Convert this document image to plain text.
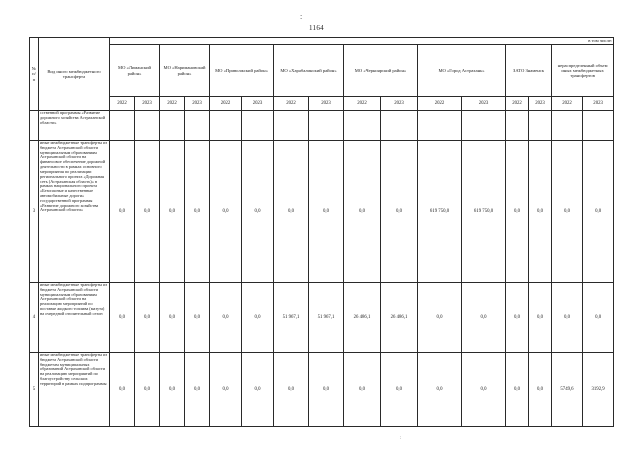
:
1164
№ п/п	Вид иного межбюджетного трансферта	в том числе:															
		МО «Лиманский район»		МО «Наримановский район»		МО «Приволжский район»		МО «Харабалинский район»		МО «Черноярский район»		МО «Город Астрахань»		ЗАТО Знаменск		нераспределенный объем иных межбюджетных трансфертов	
		2022	2023	2022	2023	2022	2023	2022	2023	2022	2023	2022	2023	2022	2023	2022	2023
	сственной программы «Развитие дорожного хозяйства Астраханской области»																
3	иные межбюджетные трансферты из бюджета Астраханской области муниципальным образованиям Астраханской области на финансовое обеспечение дорожной деятельности в рамках основного мероприятия по реализации регионального проекта «Дорожная сеть (Астраханская область)» в рамках национального проекта «Безопасные и качественные автомобильные дороги» государственной программы «Развитие дорожного хозяйства Астраханской области»	0,0	0,0	0,0	0,0	0,0	0,0	0,0	0,0	0,0	0,0	619 750,0	619 750,0	0,0	0,0	0,0	0,0
4	иные межбюджетные трансферты из бюджета Астраханской области муниципальным образованиям Астраханской области на реализацию мероприятий по поставке жидкого топлива (мазута) на очередной отопительный сезон	0,0	0,0	0,0	0,0	0,0	0,0	51 967,1	51 967,1	26 486,1	26 486,1	0,0	0,0	0,0	0,0	0,0	0,0
5	иные межбюджетные трансферты из бюджета Астраханской области бюджетам муниципальных образований Астраханской области на реализацию мероприятий по благоустройству сельских территорий в рамках подпрограммы	0,0	0,0	0,0	0,0	0,0	0,0	0,0	0,0	0,0	0,0	0,0	0,0	0,0	0,0	5749,6	3192,9
:
